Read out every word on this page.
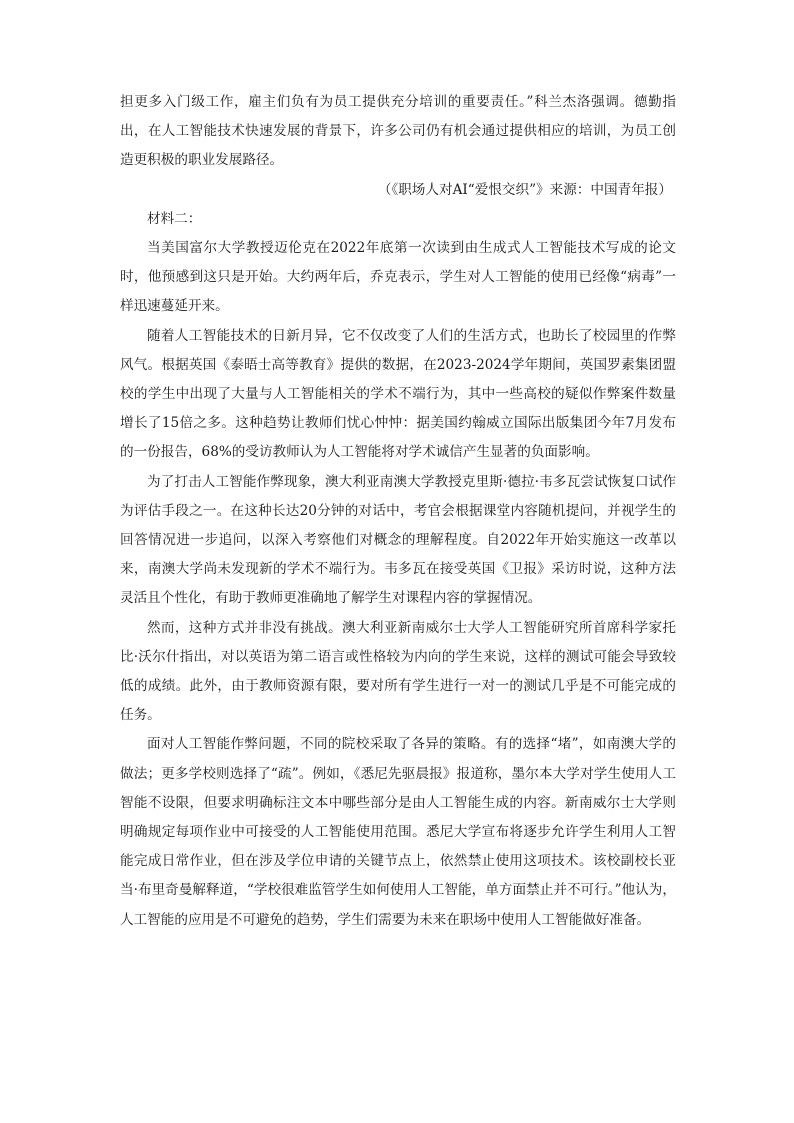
担更多入门级工作，雇主们负有为员工提供充分培训的重要责任。”科兰杰洛强调。德勤指出，在人工智能技术快速发展的背景下，许多公司仍有机会通过提供相应的培训，为员工创造更积极的职业发展路径。

（《职场人对AI“爱恨交织”》来源：中国青年报）

材料二：

当美国富尔大学教授迈伦克在2022年底第一次读到由生成式人工智能技术写成的论文时，他预感到这只是开始。大约两年后，乔克表示，学生对人工智能的使用已经像“病毒”一样迅速蔓延开来。

随着人工智能技术的日新月异，它不仅改变了人们的生活方式，也助长了校园里的作弊风气。根据英国《泰晤士高等教育》提供的数据，在2023-2024学年期间，英国罗素集团盟校的学生中出现了大量与人工智能相关的学术不端行为，其中一些高校的疑似作弊案件数量增长了15倍之多。这种趋势让教师们忧心忡忡：据美国约翰威立国际出版集团今年7月发布的一份报告，68%的受访教师认为人工智能将对学术诚信产生显著的负面影响。

为了打击人工智能作弊现象，澳大利亚南澳大学教授克里斯·德拉·韦多瓦尝试恢复口试作为评估手段之一。在这种长达20分钟的对话中，考官会根据课堂内容随机提问，并视学生的回答情况进一步追问，以深入考察他们对概念的理解程度。自2022年开始实施这一改革以来，南澳大学尚未发现新的学术不端行为。韦多瓦在接受英国《卫报》采访时说，这种方法灵活且个性化，有助于教师更准确地了解学生对课程内容的掌握情况。

然而，这种方式并非没有挑战。澳大利亚新南威尔士大学人工智能研究所首席科学家托比·沃尔什指出，对以英语为第二语言或性格较为内向的学生来说，这样的测试可能会导致较低的成绩。此外，由于教师资源有限，要对所有学生进行一对一的测试几乎是不可能完成的任务。

面对人工智能作弊问题，不同的院校采取了各异的策略。有的选择“堵”，如南澳大学的做法；更多学校则选择了“疏”。例如，《悉尼先驱晨报》报道称，墨尔本大学对学生使用人工智能不设限，但要求明确标注文本中哪些部分是由人工智能生成的内容。新南威尔士大学则明确规定每项作业中可接受的人工智能使用范围。悉尼大学宣布将逐步允许学生利用人工智能完成日常作业，但在涉及学位申请的关键节点上，依然禁止使用这项技术。该校副校长亚当·布里奇曼解释道，“学校很难监管学生如何使用人工智能，单方面禁止并不可行。”他认为，人工智能的应用是不可避免的趋势，学生们需要为未来在职场中使用人工智能做好准备。
